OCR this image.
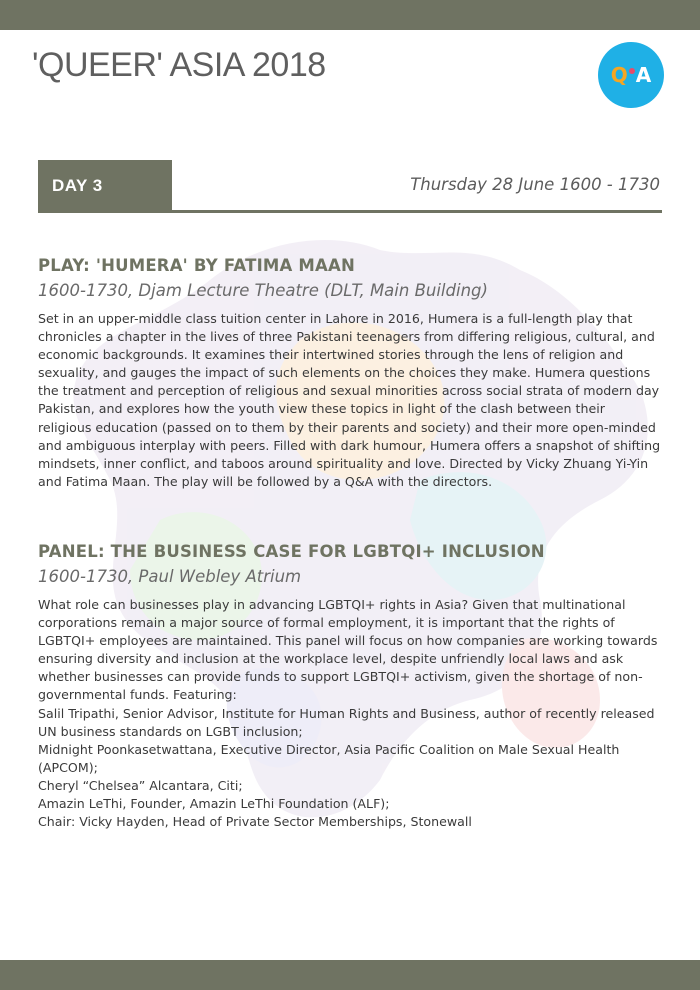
'QUEER' ASIA 2018	Q A
DAY 3	Thursday 28 June 1600 - 1730
PLAY: 'HUMERA' BY FATIMA MAAN
1600-1730, Djam Lecture Theatre (DLT, Main Building)

Set in an upper-middle class tuition center in Lahore in 2016, Humera is a full-length play that chronicles a chapter in the lives of three Pakistani teenagers from differing religious, cultural, and economic backgrounds. It examines their intertwined stories through the lens of religion and sexuality, and gauges the impact of such elements on the choices they make. Humera questions the treatment and perception of religious and sexual minorities across social strata of modern day Pakistan, and explores how the youth view these topics in light of the clash between their religious education (passed on to them by their parents and society) and their more open-minded and ambiguous interplay with peers. Filled with dark humour, Humera offers a snapshot of shifting mindsets, inner conflict, and taboos around spirituality and love. Directed by Vicky Zhuang Yi-Yin and Fatima Maan. The play will be followed by a Q&A with the directors.

PANEL: THE BUSINESS CASE FOR LGBTQI+ INCLUSION
1600-1730, Paul Webley Atrium

What role can businesses play in advancing LGBTQI+ rights in Asia? Given that multinational corporations remain a major source of formal employment, it is important that the rights of LGBTQI+ employees are maintained. This panel will focus on how companies are working towards ensuring diversity and inclusion at the workplace level, despite unfriendly local laws and ask whether businesses can provide funds to support LGBTQI+ activism, given the shortage of non-governmental funds. Featuring:

Salil Tripathi, Senior Advisor, Institute for Human Rights and Business, author of recently released UN business standards on LGBT inclusion;

Midnight Poonkasetwattana, Executive Director, Asia Pacific Coalition on Male Sexual Health (APCOM);

Cheryl “Chelsea” Alcantara, Citi;

Amazin LeThi, Founder, Amazin LeThi Foundation (ALF);

Chair: Vicky Hayden, Head of Private Sector Memberships, Stonewall
